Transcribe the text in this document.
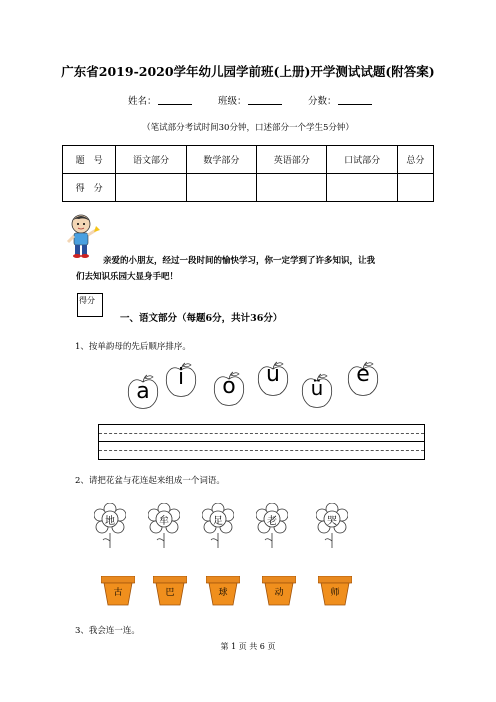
广东省2019-2020学年幼儿园学前班(上册)开学测试试题(附答案)
姓名：	班级：	分数：
（笔试部分考试时间30分钟，口述部分一个学生5分钟）
题　号	语文部分	数学部分	英语部分	口试部分	总分
得　分					
亲爱的小朋友，经过一段时间的愉快学习，你一定学到了许多知识，让我
们去知识乐园大显身手吧！
得分
一、语文部分（每题6分，共计36分）
1、按单韵母的先后顺序排序。
a
i	o	u
ü
e
2、请把花盆与花连起来组成一个词语。
地	牟	足	老	哭
古	巴	球	动	师
3、我会连一连。
第 1 页 共 6 页
